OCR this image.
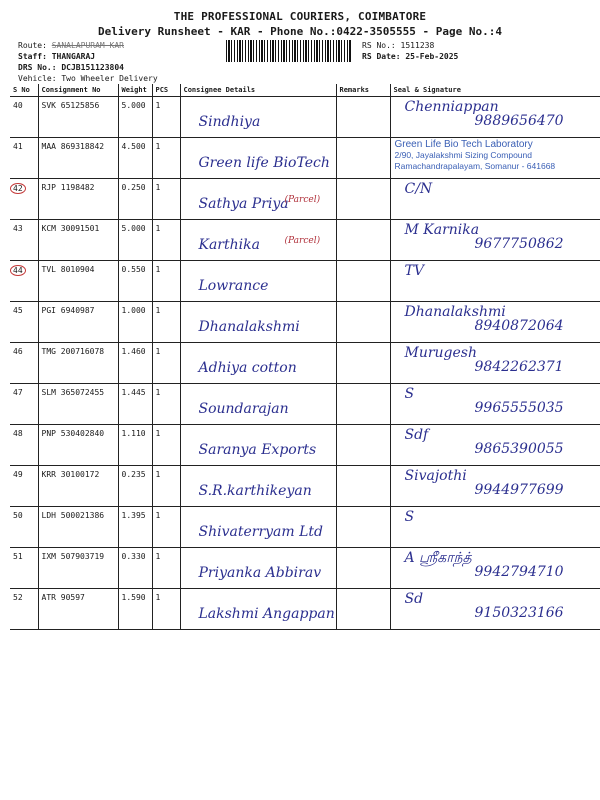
THE PROFESSIONAL COURIERS, COIMBATORE
Delivery Runsheet - KAR - Phone No.:0422-3505555 - Page No.:4
Route: SANALAPURAM KAR
Staff: THANGARAJ
DRS No.: DCJB151123804
Vehicle: Two Wheeler Delivery
RS No.: 1511238
RS Date: 25-Feb-2025
S No	Consignment No	Weight	PCS	Consignee Details	Remarks	Seal & Signature
40	SVK 65125856	5.000	1	Sindhiya		Chenniappan
9889656470

41	MAA 869318842	4.500	1	Green life BioTech		Green Life Bio Tech Laboratory
2/90, Jayalakshmi Sizing Compound
Ramachandrapalayam, Somanur - 641668

42	RJP 1198482	0.250	1	Sathya Priya
(Parcel)		C/N

43	KCM 30091501	5.000	1	Karthika (Parcel)		M Karnika
9677750862

44	TVL 8010904	0.550	1	Lowrance		TV

45	PGI 6940987	1.000	1	Dhanalakshmi		Dhanalakshmi
8940872064

46	TMG 200716078	1.460	1	Adhiya cotton		Murugesh
9842262371

47	SLM 365072455	1.445	1	Soundarajan		S
9965555035

48	PNP 530402840	1.110	1	Saranya Exports		Sdf
9865390055

49	KRR 30100172	0.235	1	S.R.karthikeyan		Sivajothi
9944977699

50	LDH 500021386	1.395	1	Shivaterryam Ltd		S

51	IXM 507903719	0.330	1	Priyanka Abbirav		A ஸ்ரீகாந்த்
9942794710

52	ATR 90597	1.590	1	Lakshmi Angappan		Sd
9150323166
